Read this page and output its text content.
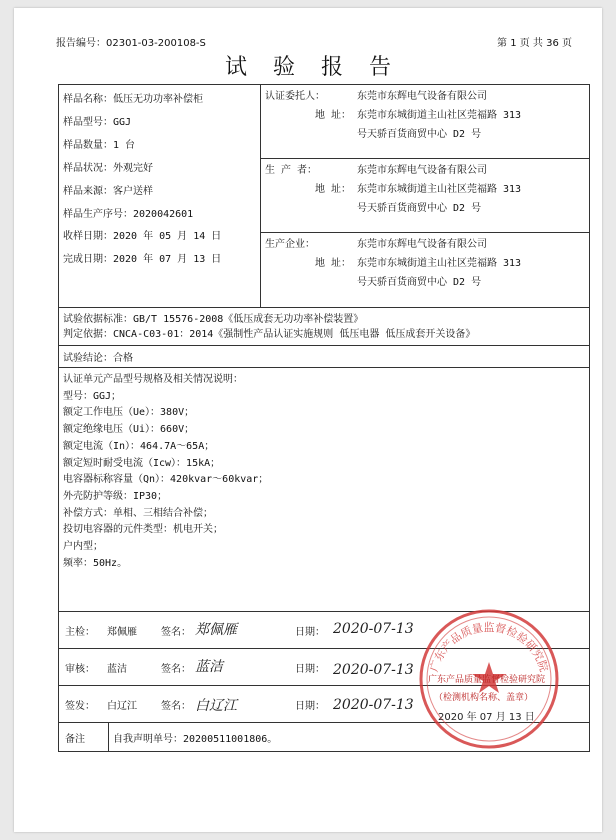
报告编号：02301-03-200108-S	第 1 页 共 36 页
试验报告
样品名称：低压无功功率补偿柜
样品型号：GGJ
样品数量：1 台
样品状况：外观完好
样品来源：客户送样
样品生产序号：2020042601
收样日期：2020 年 05 月 14 日
完成日期：2020 年 07 月 13 日
认证委托人：	东莞市东辉电气设备有限公司
地 址： 东莞市东城街道主山社区莞福路 313
号天骄百货商贸中心 D2 号
生 产 者：	东莞市东辉电气设备有限公司
地 址： 东莞市东城街道主山社区莞福路 313
号天骄百货商贸中心 D2 号
生产企业：	东莞市东辉电气设备有限公司
地 址： 东莞市东城街道主山社区莞福路 313
号天骄百货商贸中心 D2 号
试验依据标准：GB/T 15576-2008《低压成套无功功率补偿装置》
判定依据：CNCA-C03-01：2014《强制性产品认证实施规则 低压电器 低压成套开关设备》
试验结论：合格
认证单元产品型号规格及相关情况说明：
型号：GGJ；
额定工作电压（Ue）：380V；
额定绝缘电压（Ui）：660V；
额定电流（In）：464.7A～65A；
额定短时耐受电流（Icw）：15kA；
电容器标称容量（Qn）：420kvar～60kvar；
外壳防护等级：IP30；
补偿方式：单相、三相结合补偿；
投切电容器的元件类型：机电开关；
户内型；
频率：50Hz。
主检：	郑佩雁	签名： 郑佩雁	日期： 2020-07-13
审核：	蓝洁	签名： 蓝洁	日期： 2020-07-13
签发：	白辽江	签名： 白辽江	日期： 2020-07-13
备注	自我声明单号：20200511001806。
广东产品质量监督检验研究院
广东产品质量监督检验研究院
（检测机构名称、盖章）
2020 年 07 月 13 日
